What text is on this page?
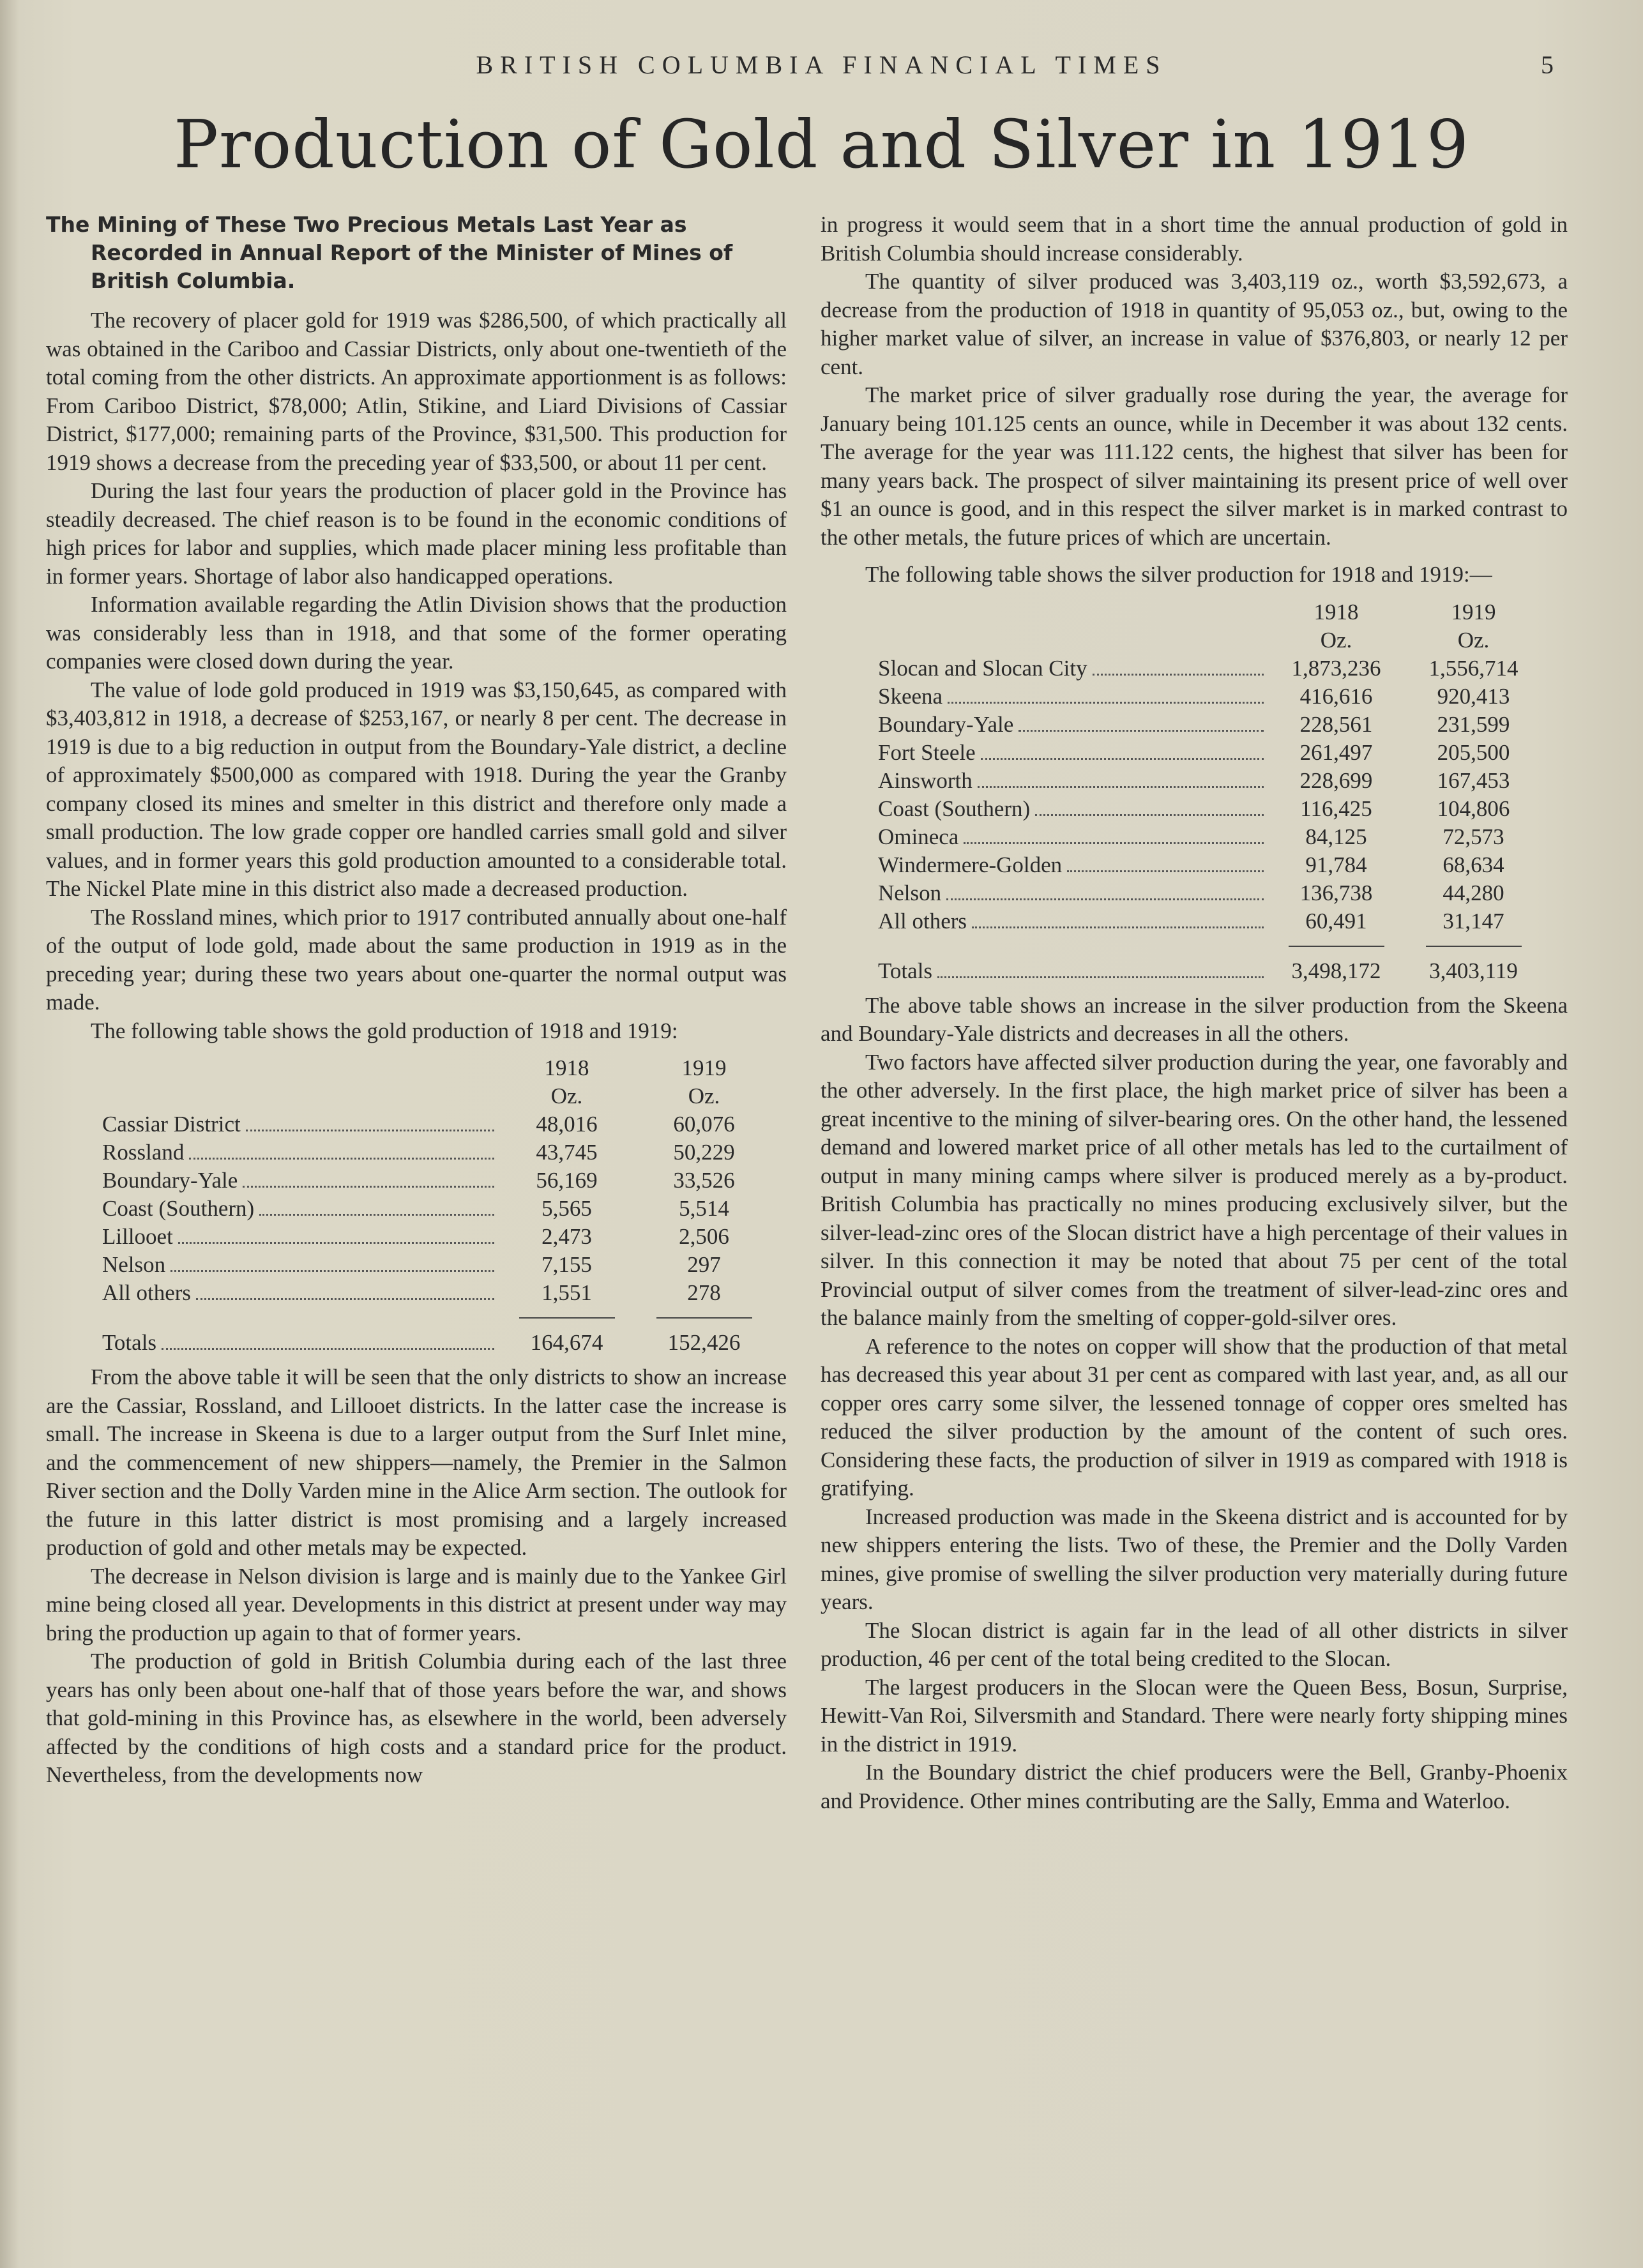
BRITISH COLUMBIA FINANCIAL TIMES	5
Production of Gold and Silver in 1919
The Mining of These Two Precious Metals Last Year as

Recorded in Annual Report of the Minister of Mines of
British Columbia.

The recovery of placer gold for 1919 was $286,500, of which practically all was obtained in the Cariboo and Cassiar Districts, only about one-twentieth of the total coming from the other districts. An approximate apportionment is as follows: From Cariboo District, $78,000; Atlin, Stikine, and Liard Divisions of Cassiar District, $177,000; remaining parts of the Province, $31,500. This production for 1919 shows a decrease from the preceding year of $33,500, or about 11 per cent.

During the last four years the production of placer gold in the Province has steadily decreased. The chief reason is to be found in the economic conditions of high prices for labor and supplies, which made placer mining less profitable than in former years. Shortage of labor also handicapped operations.

Information available regarding the Atlin Division shows that the production was considerably less than in 1918, and that some of the former operating companies were closed down during the year.

The value of lode gold produced in 1919 was $3,150,645, as compared with $3,403,812 in 1918, a decrease of $253,167, or nearly 8 per cent. The decrease in 1919 is due to a big reduction in output from the Boundary-Yale district, a decline of approximately $500,000 as compared with 1918. During the year the Granby company closed its mines and smelter in this district and therefore only made a small production. The low grade copper ore handled carries small gold and silver values, and in former years this gold production amounted to a considerable total. The Nickel Plate mine in this district also made a decreased production.

The Rossland mines, which prior to 1917 contributed annually about one-half of the output of lode gold, made about the same production in 1919 as in the preceding year; during these two years about one-quarter the normal output was made.

The following table shows the gold production of 1918 and 1919:

1918	1919
Oz.	Oz.
Cassiar District	48,016	60,076
Rossland	43,745	50,229
Boundary-Yale	56,169	33,526
Coast (Southern)	5,565	5,514
Lillooet	2,473	2,506
Nelson	7,155	297
All others	1,551	278
Totals	164,674	152,426

From the above table it will be seen that the only districts to show an increase are the Cassiar, Rossland, and Lillooet districts. In the latter case the increase is small. The increase in Skeena is due to a larger output from the Surf Inlet mine, and the commencement of new shippers—namely, the Premier in the Salmon River section and the Dolly Varden mine in the Alice Arm section. The outlook for the future in this latter district is most promising and a largely increased production of gold and other metals may be expected.

The decrease in Nelson division is large and is mainly due to the Yankee Girl mine being closed all year. Developments in this district at present under way may bring the production up again to that of former years.

The production of gold in British Columbia during each of the last three years has only been about one-half that of those years before the war, and shows that gold-mining in this Province has, as elsewhere in the world, been adversely affected by the conditions of high costs and a standard price for the product. Nevertheless, from the developments now

in progress it would seem that in a short time the annual production of gold in British Columbia should increase considerably.

The quantity of silver produced was 3,403,119 oz., worth $3,592,673, a decrease from the production of 1918 in quantity of 95,053 oz., but, owing to the higher market value of silver, an increase in value of $376,803, or nearly 12 per cent.

The market price of silver gradually rose during the year, the average for January being 101.125 cents an ounce, while in December it was about 132 cents. The average for the year was 111.122 cents, the highest that silver has been for many years back. The prospect of silver maintaining its present price of well over $1 an ounce is good, and in this respect the silver market is in marked contrast to the other metals, the future prices of which are uncertain.

The following table shows the silver production for 1918 and 1919:—

1918	1919
Oz.	Oz.
Slocan and Slocan City	1,873,236	1,556,714
Skeena	416,616	920,413
Boundary-Yale	228,561	231,599
Fort Steele	261,497	205,500
Ainsworth	228,699	167,453
Coast (Southern)	116,425	104,806
Omineca	84,125	72,573
Windermere-Golden	91,784	68,634
Nelson	136,738	44,280
All others	60,491	31,147
Totals	3,498,172	3,403,119

The above table shows an increase in the silver production from the Skeena and Boundary-Yale districts and decreases in all the others.

Two factors have affected silver production during the year, one favorably and the other adversely. In the first place, the high market price of silver has been a great incentive to the mining of silver-bearing ores. On the other hand, the lessened demand and lowered market price of all other metals has led to the curtailment of output in many mining camps where silver is produced merely as a by-product. British Columbia has practically no mines producing exclusively silver, but the silver-lead-zinc ores of the Slocan district have a high percentage of their values in silver. In this connection it may be noted that about 75 per cent of the total Provincial output of silver comes from the treatment of silver-lead-zinc ores and the balance mainly from the smelting of copper-gold-silver ores.

A reference to the notes on copper will show that the production of that metal has decreased this year about 31 per cent as compared with last year, and, as all our copper ores carry some silver, the lessened tonnage of copper ores smelted has reduced the silver production by the amount of the content of such ores. Considering these facts, the production of silver in 1919 as compared with 1918 is gratifying.

Increased production was made in the Skeena district and is accounted for by new shippers entering the lists. Two of these, the Premier and the Dolly Varden mines, give promise of swelling the silver production very materially during future years.

The Slocan district is again far in the lead of all other districts in silver production, 46 per cent of the total being credited to the Slocan.

The largest producers in the Slocan were the Queen Bess, Bosun, Surprise, Hewitt-Van Roi, Silversmith and Standard. There were nearly forty shipping mines in the district in 1919.

In the Boundary district the chief producers were the Bell, Granby-Phoenix and Providence. Other mines contributing are the Sally, Emma and Waterloo.
